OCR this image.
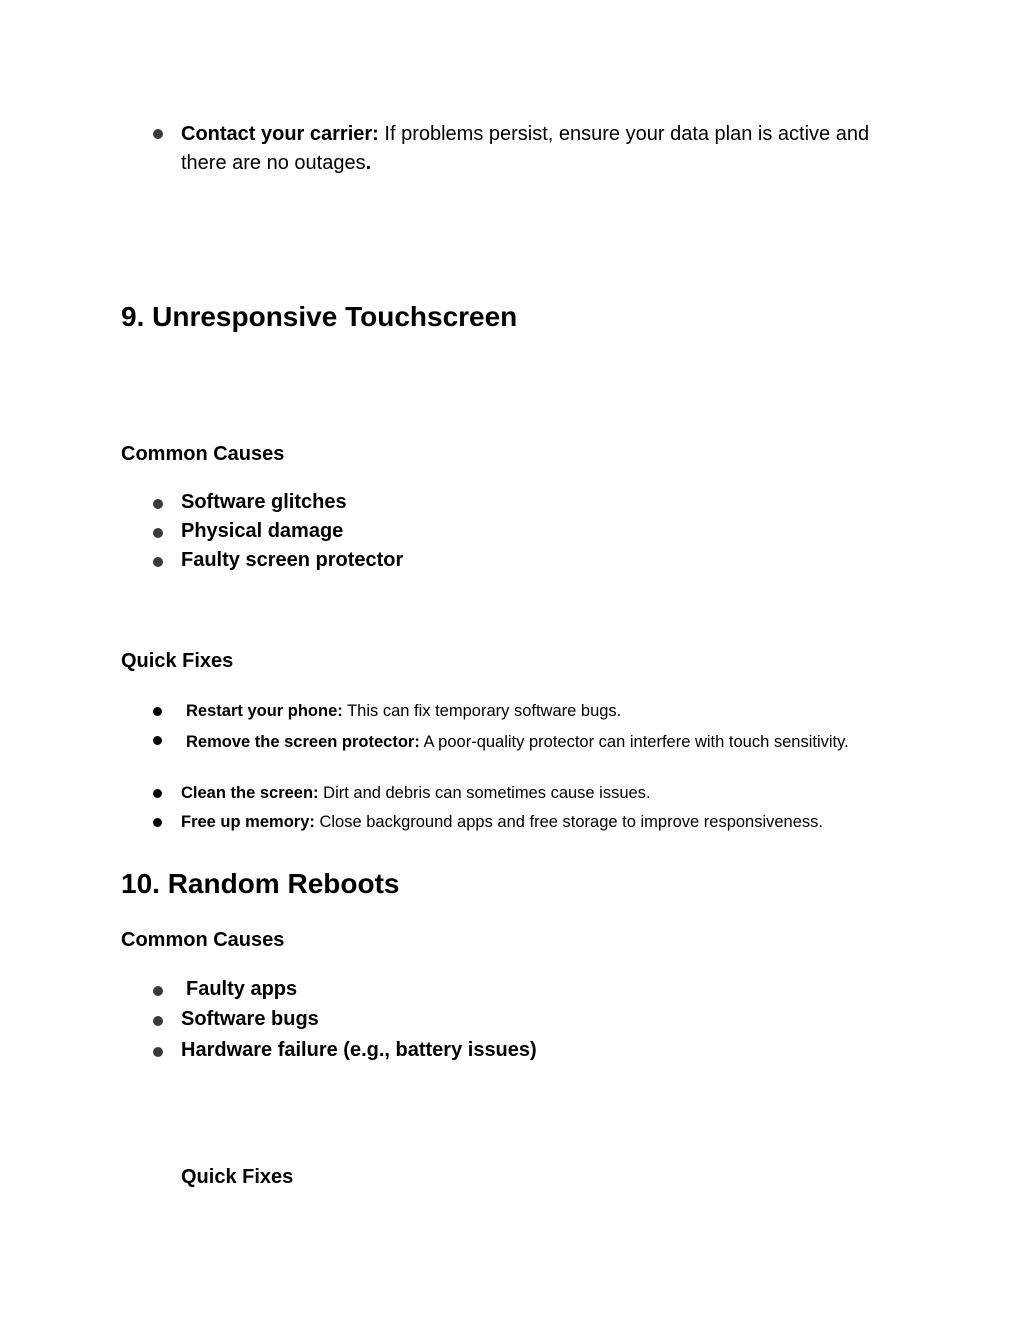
Contact your carrier: If problems persist, ensure your data plan is active and there are no outages.
9. Unresponsive Touchscreen
Common Causes
Software glitches
Physical damage
Faulty screen protector
Quick Fixes
Restart your phone: This can fix temporary software bugs.
Remove the screen protector: A poor-quality protector can interfere with touch sensitivity.
Clean the screen: Dirt and debris can sometimes cause issues.
Free up memory: Close background apps and free storage to improve responsiveness.
10. Random Reboots
Common Causes
Faulty apps
Software bugs
Hardware failure (e.g., battery issues)
Quick Fixes
